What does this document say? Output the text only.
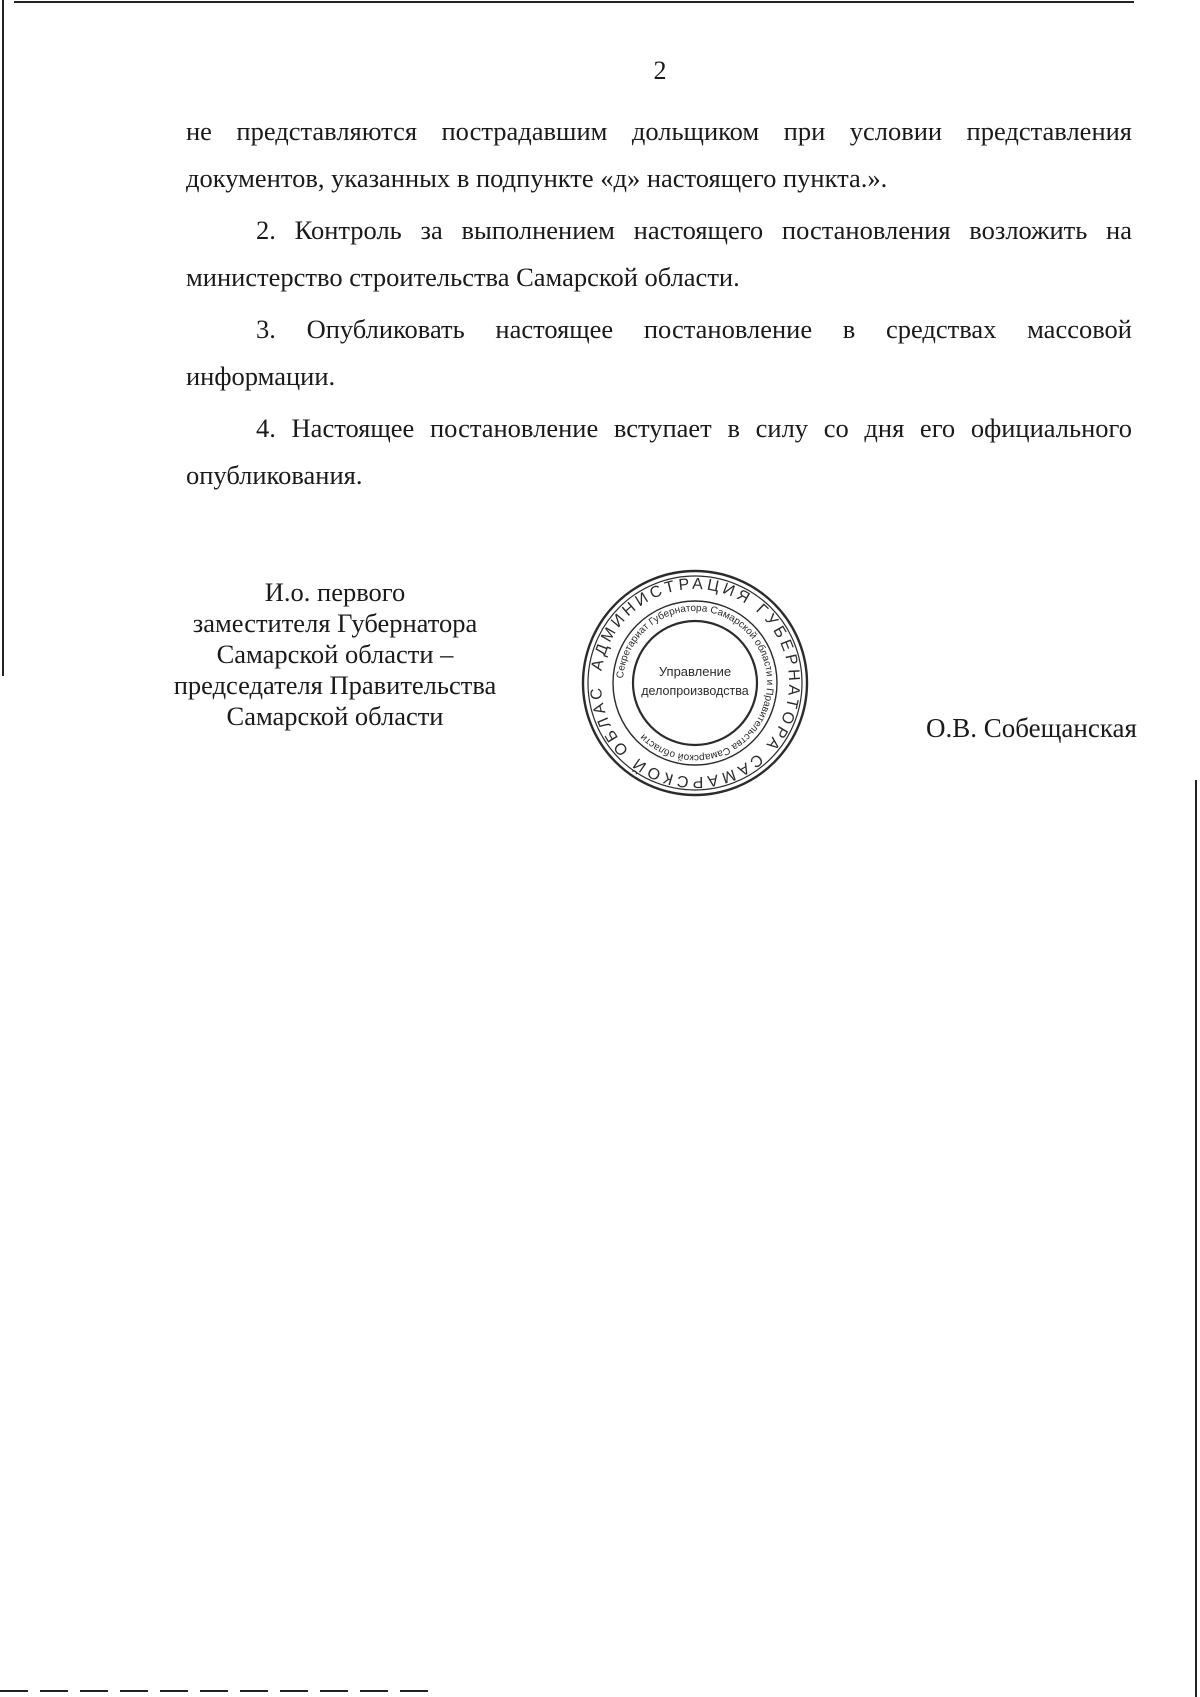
2

не представляются пострадавшим дольщиком при условии представления документов, указанных в подпункте «д» настоящего пункта.».

2. Контроль за выполнением настоящего постановления возложить на министерство строительства Самарской области.

3. Опубликовать настоящее постановление в средствах массовой информации.

4. Настоящее постановление вступает в силу со дня его официального опубликования.

И.о. первого
заместителя Губернатора
Самарской области –
председателя Правительства
Самарской области
АДМИНИСТРАЦИЯ ГУБЕРНАТОРА САМАРСКОЙ ОБЛАС
Секретариат Губернатора Самарской области и Правительства Самарской области
Управление
делопроизводства
О.В. Собещанская
